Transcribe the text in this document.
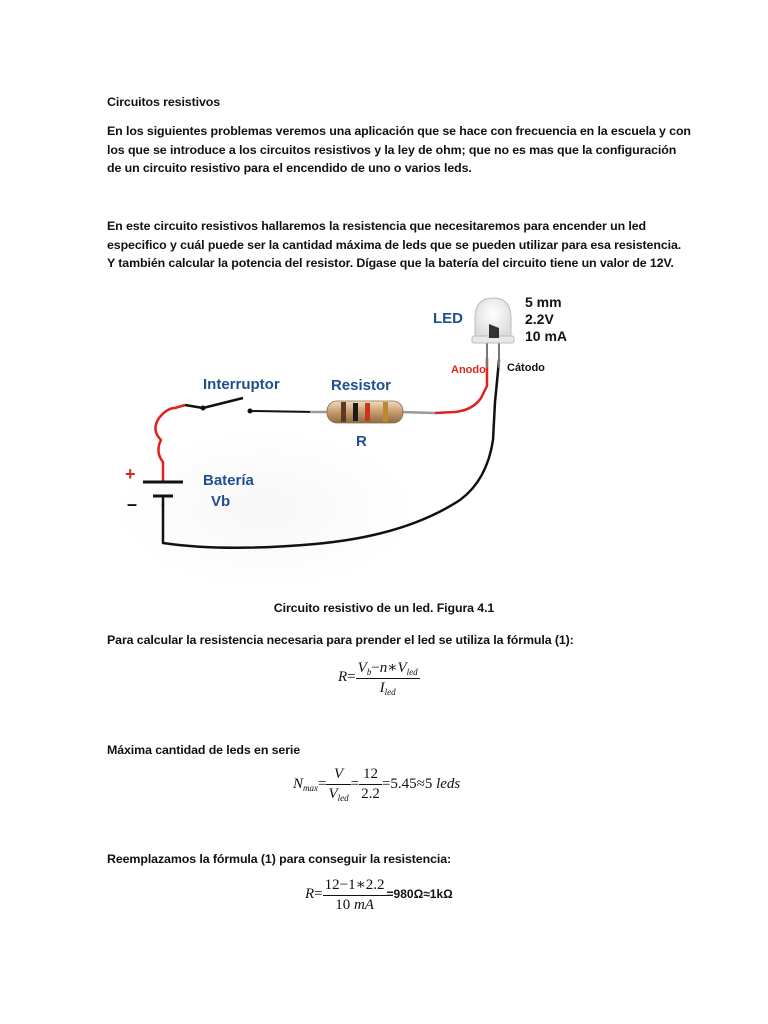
Circuitos resistivos
En los siguientes problemas veremos una aplicación que se hace con frecuencia en la escuela y con
los que se introduce a los circuitos resistivos y la ley de ohm; que no es mas que la configuración
de un circuito resistivo para el encendido de uno o varios leds.
En este circuito resistivos hallaremos la resistencia que necesitaremos para encender un led
especifico y cuál puede ser la cantidad máxima de leds que se pueden utilizar para esa resistencia.
Y también calcular la potencia del resistor. Dígase que la batería del circuito tiene un valor de 12V.
+
–
Interruptor	Resistor
R
Batería
Vb
LED
5 mm
2.2V
10 mA
Anodo Cátodo
Circuito resistivo de un led. Figura 4.1
Para calcular la resistencia necesaria para prender el led se utiliza la fórmula (1):
$R= \frac{V_b-n∗V_{led}}{I_{led}}$
Máxima cantidad de leds en serie
$N_{max}= \frac{V}{V_{led}} = \frac{12}{2.2} =5.45\approx 5$ leds
Reemplazamos la fórmula (1) para conseguir la resistencia:
$R= \frac{12-1∗2.2}{10 mA} =980\Omega\approx 1k\Omega$
